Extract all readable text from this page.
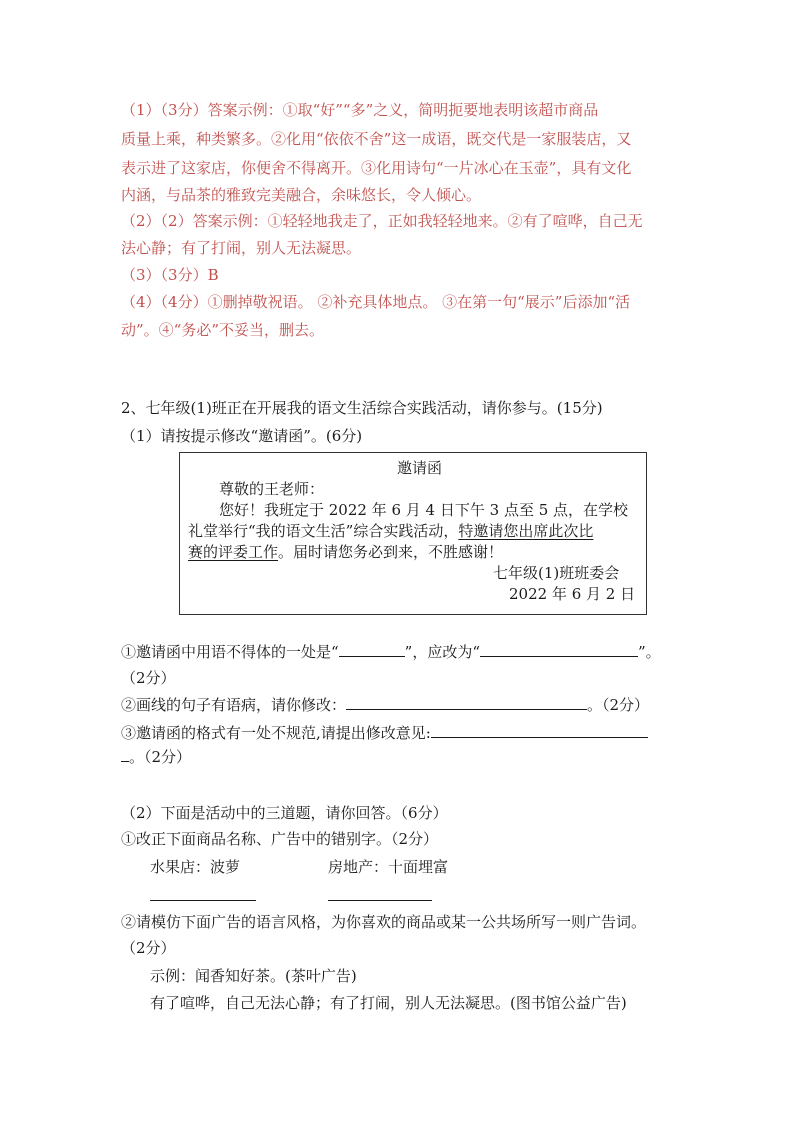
（1）（3分）答案示例：①取“好”“多”之义，简明扼要地表明该超市商品
质量上乘，种类繁多。②化用“依依不舍”这一成语，既交代是一家服装店，又
表示进了这家店，你便舍不得离开。③化用诗句“一片冰心在玉壶”，具有文化
内涵，与品茶的雅致完美融合，余味悠长，令人倾心。
（2）（2）答案示例：①轻轻地我走了，正如我轻轻地来。②有了喧哗，自己无
法心静；有了打闹，别人无法凝思。
（3）（3分）B
（4）（4分）①删掉敬祝语。 ②补充具体地点。 ③在第一句“展示”后添加“活
动”。④“务必”不妥当，删去。
2、七年级(1)班正在开展我的语文生活综合实践活动，请你参与。(15分)
（1）请按提示修改“邀请函”。(6分)
邀请函
尊敬的王老师：
您好！我班定于 2022 年 6 月 4 日下午 3 点至 5 点，在学校
礼堂举行“我的语文生活”综合实践活动，特邀请您出席此次比
赛的评委工作。届时请您务必到来，不胜感谢！
七年级(1)班班委会
2022 年 6 月 2 日
①邀请函中用语不得体的一处是“	”，应改为“	”。
（2分）
②画线的句子有语病，请你修改：	。（2分）
③邀请函的格式有一处不规范,请提出修改意见:
。（2分）
（2）下面是活动中的三道题，请你回答。（6分）
①改正下面商品名称、广告中的错别字。（2分）
水果店：波萝	房地产：十面埋富
②请模仿下面广告的语言风格，为你喜欢的商品或某一公共场所写一则广告词。
（2分）
示例：闻香知好茶。(茶叶广告)
有了喧哗，自己无法心静；有了打闹，别人无法凝思。(图书馆公益广告)
